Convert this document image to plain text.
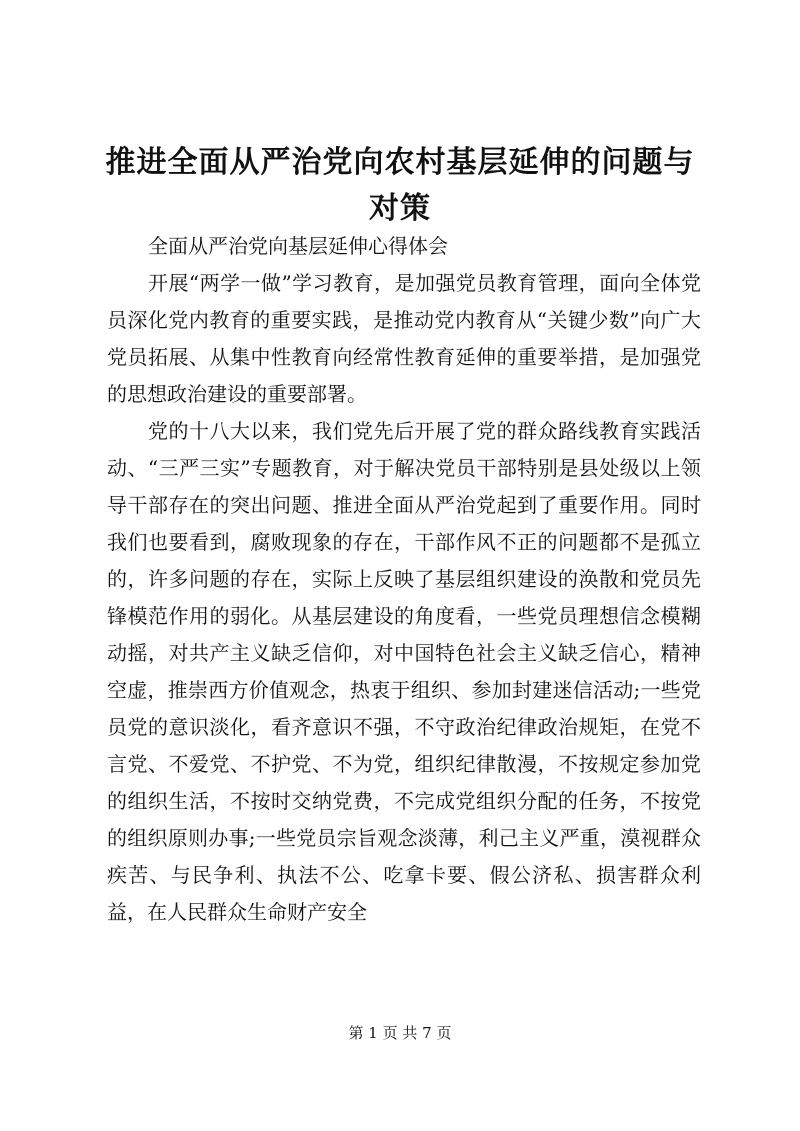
推进全面从严治党向农村基层延伸的问题与对策

全面从严治党向基层延伸心得体会

开展“两学一做”学习教育，是加强党员教育管理，面向全体党员深化党内教育的重要实践，是推动党内教育从“关键少数”向广大党员拓展、从集中性教育向经常性教育延伸的重要举措，是加强党的思想政治建设的重要部署。

党的十八大以来，我们党先后开展了党的群众路线教育实践活动、“三严三实”专题教育，对于解决党员干部特别是县处级以上领导干部存在的突出问题、推进全面从严治党起到了重要作用。同时我们也要看到，腐败现象的存在，干部作风不正的问题都不是孤立的，许多问题的存在，实际上反映了基层组织建设的涣散和党员先锋模范作用的弱化。从基层建设的角度看，一些党员理想信念模糊动摇，对共产主义缺乏信仰，对中国特色社会主义缺乏信心，精神空虚，推崇西方价值观念，热衷于组织、参加封建迷信活动;一些党员党的意识淡化，看齐意识不强，不守政治纪律政治规矩，在党不言党、不爱党、不护党、不为党，组织纪律散漫，不按规定参加党的组织生活，不按时交纳党费，不完成党组织分配的任务，不按党的组织原则办事;一些党员宗旨观念淡薄，利己主义严重，漠视群众疾苦、与民争利、执法不公、吃拿卡要、假公济私、损害群众利益，在人民群众生命财产安全

第 1 页 共 7 页
